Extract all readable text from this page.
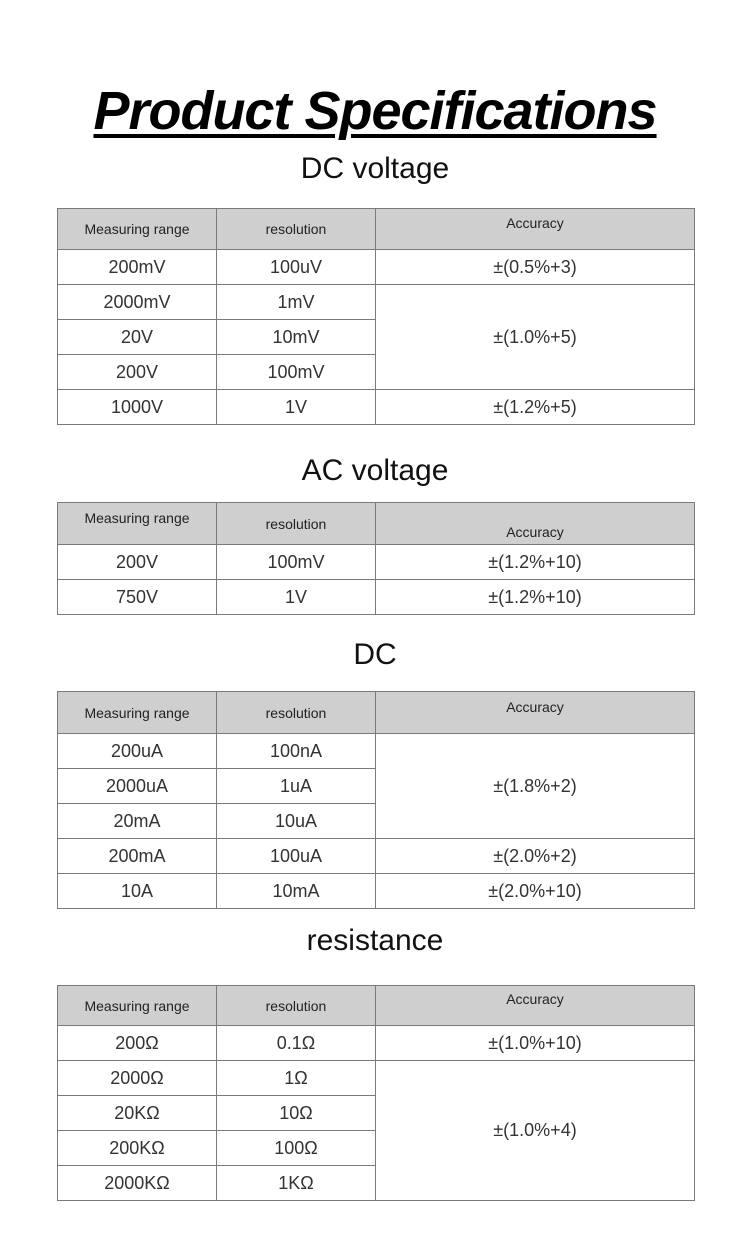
Product Specifications
DC voltage
Measuring range	resolution	Accuracy
200mV	100uV	±(0.5%+3)
2000mV	1mV	±(1.0%+5)
20V	10mV	
200V	100mV	
1000V	1V	±(1.2%+5)
AC voltage
Measuring range	resolution	Accuracy
200V	100mV	±(1.2%+10)
750V	1V	±(1.2%+10)
DC
Measuring range	resolution	Accuracy
200uA	100nA	±(1.8%+2)
2000uA	1uA	
20mA	10uA	
200mA	100uA	±(2.0%+2)
10A	10mA	±(2.0%+10)
resistance
Measuring range	resolution	Accuracy
200Ω	0.1Ω	±(1.0%+10)
2000Ω	1Ω	±(1.0%+4)
20KΩ	10Ω	
200KΩ	100Ω	
2000KΩ	1KΩ	
